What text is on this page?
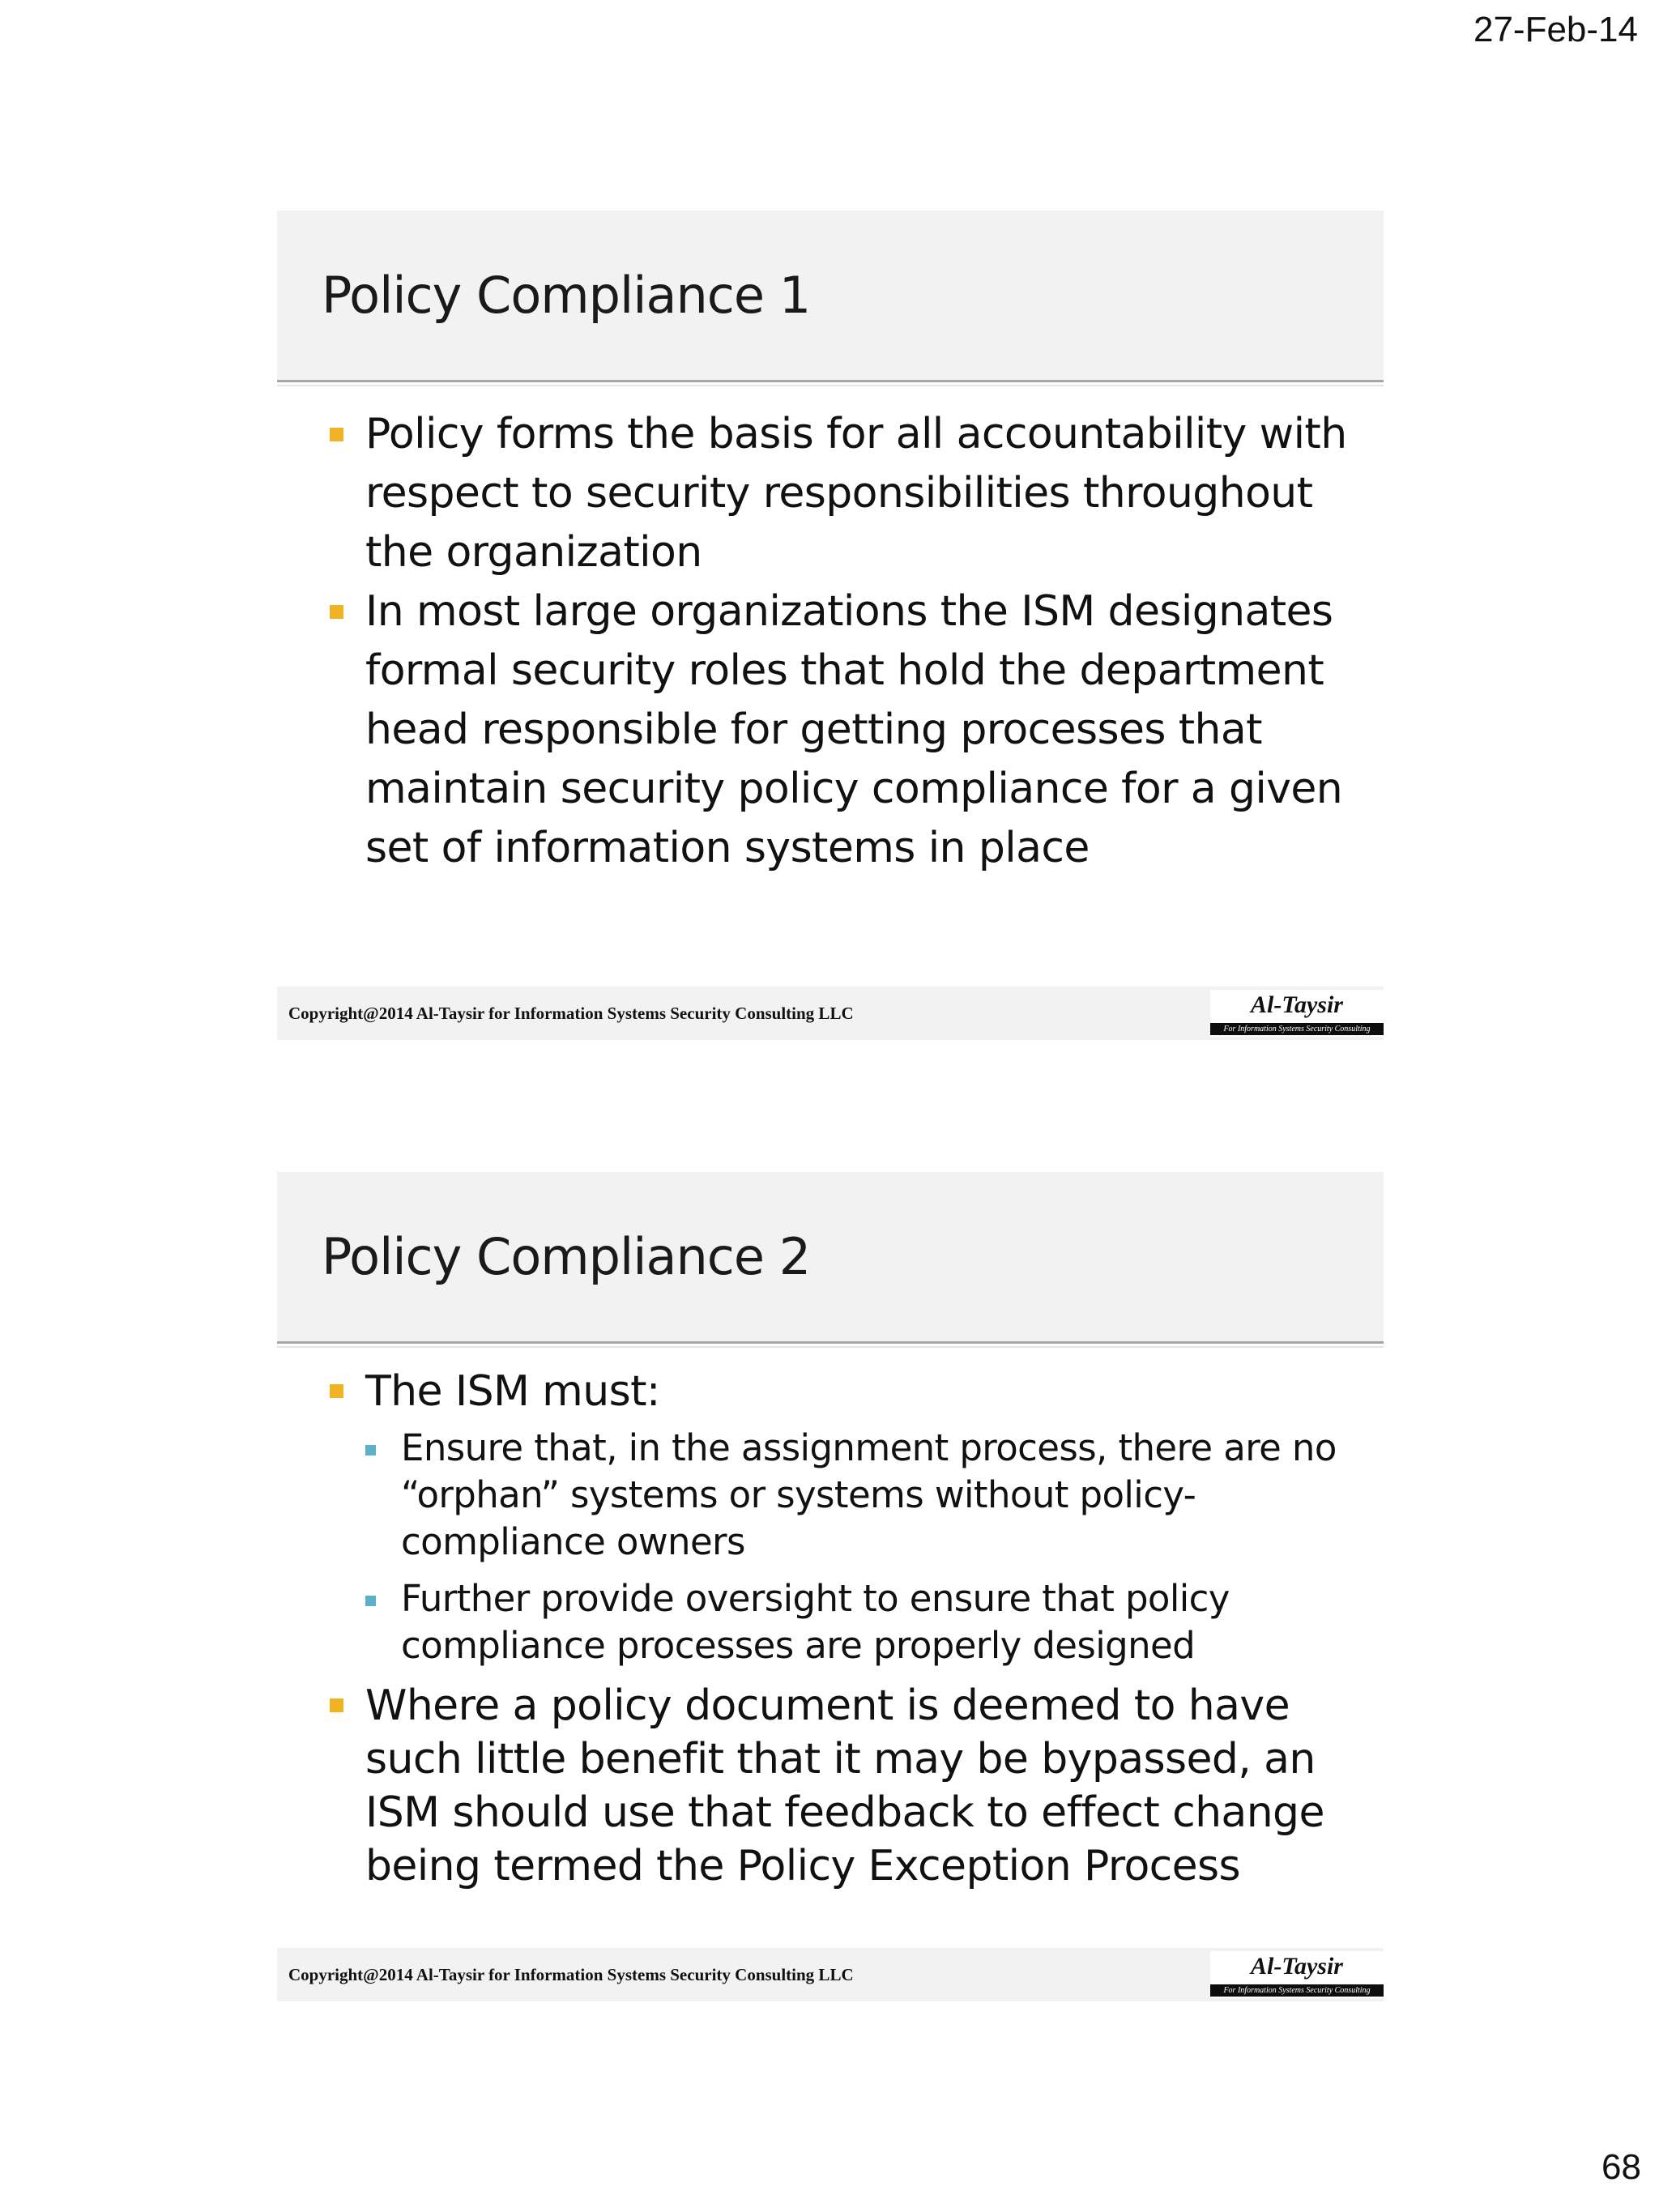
27-Feb-14
Policy Compliance 1
Policy forms the basis for all accountability with respect to security responsibilities throughout the organization
In most large organizations the ISM designates formal security roles that hold the department head responsible for getting processes that maintain security policy compliance for a given set of information systems in place
Copyright@2014 Al-Taysir for Information Systems Security Consulting LLC	Al-Taysir
For Information Systems Security Consulting
Policy Compliance 2
The ISM must:
Ensure that, in the assignment process, there are no “orphan” systems or systems without policy-compliance owners
Further provide oversight to ensure that policy compliance processes are properly designed
Where a policy document is deemed to have such little benefit that it may be bypassed, an ISM should use that feedback to effect change being termed the Policy Exception Process
Copyright@2014 Al-Taysir for Information Systems Security Consulting LLC	Al-Taysir
For Information Systems Security Consulting
68
